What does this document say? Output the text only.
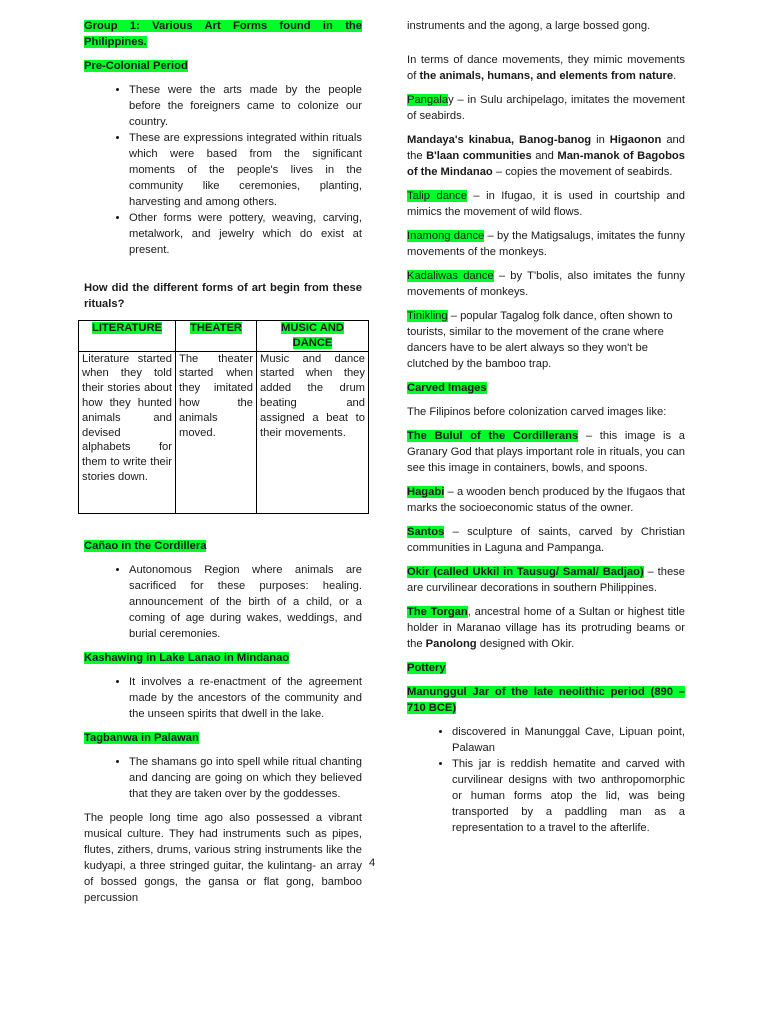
Group 1: Various Art Forms found in the Philippines.

Pre-Colonial Period

• These were the arts made by the people before the foreigners came to colonize our country.
• These are expressions integrated within rituals which were based from the significant moments of the people's lives in the community like ceremonies, planting, harvesting and among others.
• Other forms were pottery, weaving, carving, metalwork, and jewelry which do exist at present.

How did the different forms of art begin from these rituals?

LITERATURE	THEATER	MUSIC AND DANCE
Literature started when they told their stories about how they hunted animals and devised alphabets for them to write their stories down.	The theater started when they imitated how the animals moved.	Music and dance started when they added the drum beating and assigned a beat to their movements.

Cañao in the Cordillera

• Autonomous Region where animals are sacrificed for these purposes: healing. announcement of the birth of a child, or a coming of age during wakes, weddings, and burial ceremonies.

Kashawing in Lake Lanao in Mindanao

• It involves a re-enactment of the agreement made by the ancestors of the community and the unseen spirits that dwell in the lake.

Tagbanwa in Palawan

• The shamans go into spell while ritual chanting and dancing are going on which they believed that they are taken over by the goddesses.

The people long time ago also possessed a vibrant musical culture. They had instruments such as pipes, flutes, zithers, drums, various string instruments like the kudyapi, a three stringed guitar, the kulintang- an array of bossed gongs, the gansa or flat gong, bamboo percussion

4

instruments and the agong, a large bossed gong.

In terms of dance movements, they mimic movements of the animals, humans, and elements from nature.

Pangalay – in Sulu archipelago, imitates the movement of seabirds.

Mandaya's kinabua, Banog-banog in Higaonon and the B'laan communities and Man-manok of Bagobos of the Mindanao – copies the movement of seabirds.

Talip dance – in Ifugao, it is used in courtship and mimics the movement of wild flows.

Inamong dance – by the Matigsalugs, imitates the funny movements of the monkeys.

Kadaliwas dance – by T'bolis, also imitates the funny movements of monkeys.

Tinikling – popular Tagalog folk dance, often shown to tourists, similar to the movement of the crane where dancers have to be alert always so they won't be clutched by the bamboo trap.

Carved Images

The Filipinos before colonization carved images like:

The Bulul of the Cordillerans – this image is a Granary God that plays important role in rituals, you can see this image in containers, bowls, and spoons.

Hagabi – a wooden bench produced by the Ifugaos that marks the socioeconomic status of the owner.

Santos – sculpture of saints, carved by Christian communities in Laguna and Pampanga.

Okir (called Ukkil in Tausug/ Samal/ Badjao) – these are curvilinear decorations in southern Philippines.

The Torgan, ancestral home of a Sultan or highest title holder in Maranao village has its protruding beams or the Panolong designed with Okir.

Pottery

Manunggul Jar of the late neolithic period (890 – 710 BCE)

• discovered in Manunggal Cave, Lipuan point, Palawan
• This jar is reddish hematite and carved with curvilinear designs with two anthropomorphic or human forms atop the lid, was being transported by a paddling man as a representation to a travel to the afterlife.
